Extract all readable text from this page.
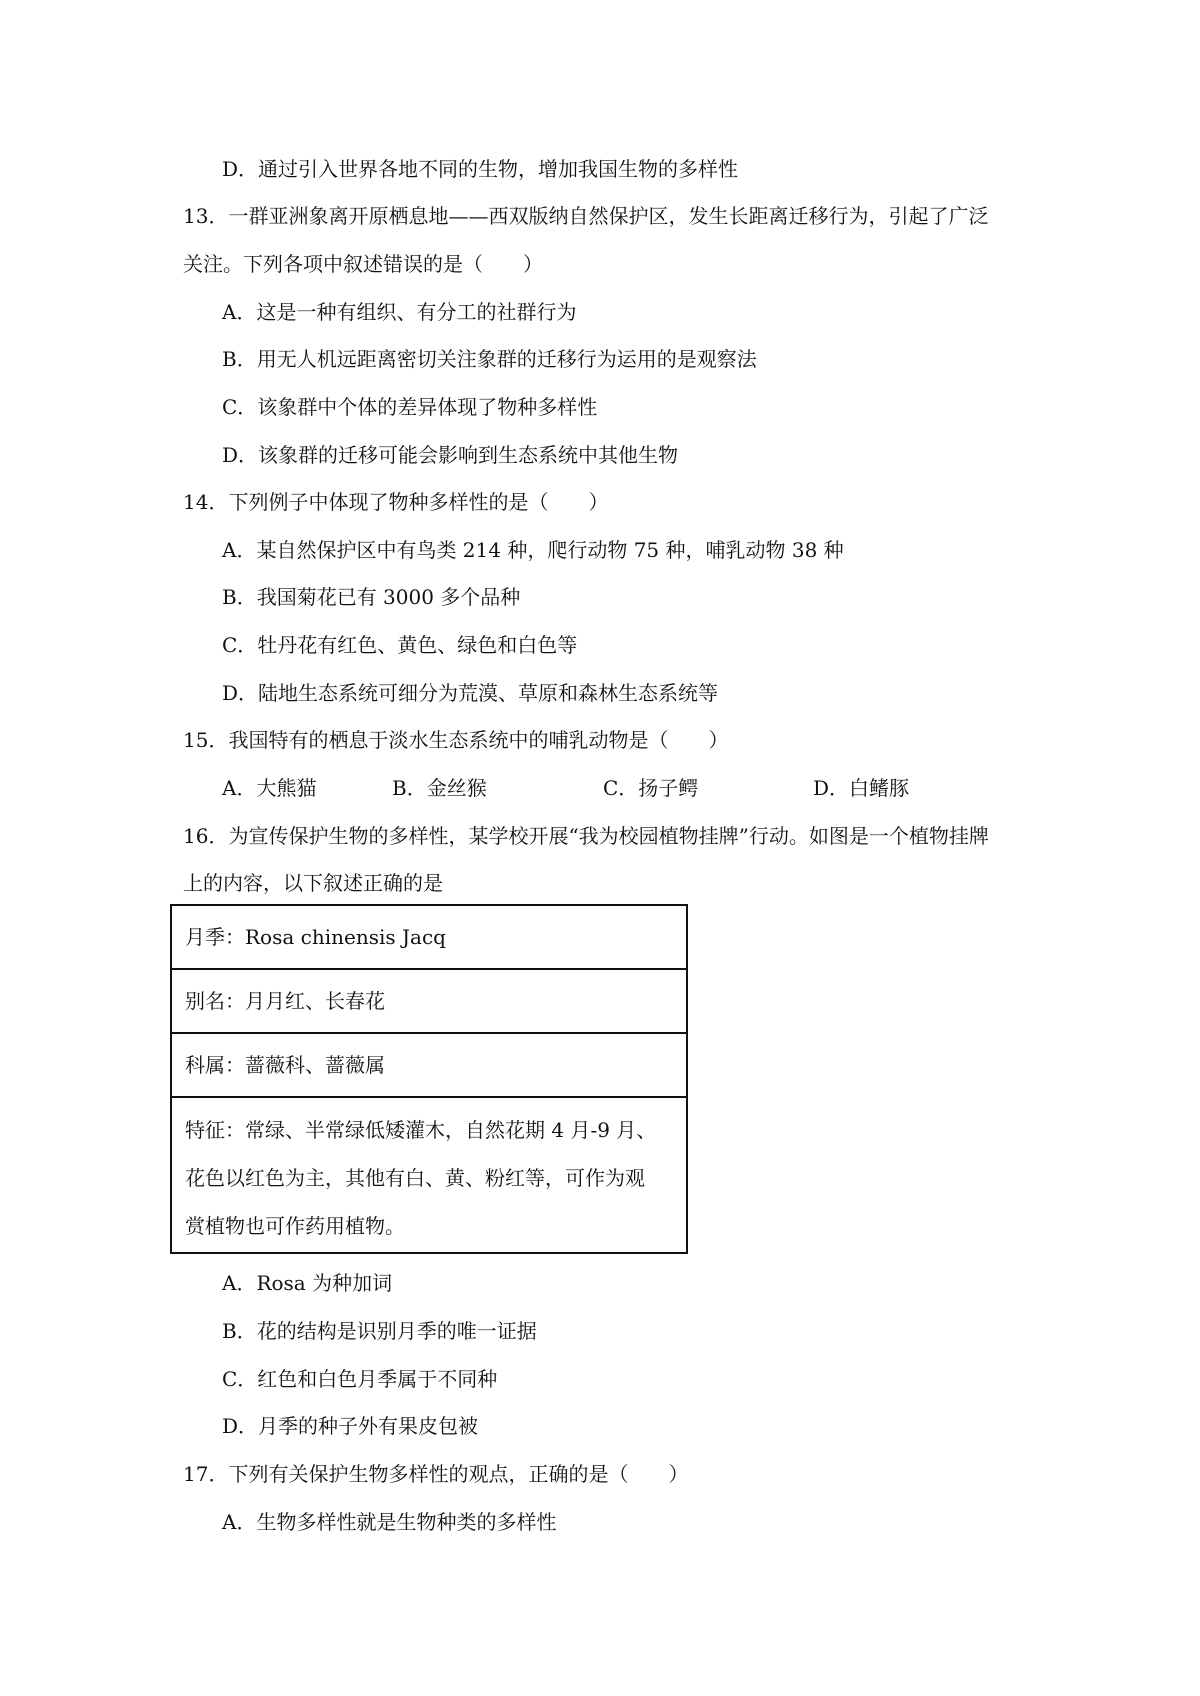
D．通过引入世界各地不同的生物，增加我国生物的多样性
13．一群亚洲象离开原栖息地——西双版纳自然保护区，发生长距离迁移行为，引起了广泛
关注。下列各项中叙述错误的是（　　）
A．这是一种有组织、有分工的社群行为
B．用无人机远距离密切关注象群的迁移行为运用的是观察法
C．该象群中个体的差异体现了物种多样性
D．该象群的迁移可能会影响到生态系统中其他生物
14．下列例子中体现了物种多样性的是（　　）
A．某自然保护区中有鸟类 214 种，爬行动物 75 种，哺乳动物 38 种
B．我国菊花已有 3000 多个品种
C．牡丹花有红色、黄色、绿色和白色等
D．陆地生态系统可细分为荒漠、草原和森林生态系统等
15．我国特有的栖息于淡水生态系统中的哺乳动物是（　　）
A．大熊猫	B．金丝猴	C．扬子鳄	D．白鳍豚
16．为宣传保护生物的多样性，某学校开展“我为校园植物挂牌”行动。如图是一个植物挂牌
上的内容，以下叙述正确的是
月季：Rosa chinensis Jacq
别名：月月红、长春花
科属：蔷薇科、蔷薇属
特征：常绿、半常绿低矮灌木，自然花期 4 月-9 月、
花色以红色为主，其他有白、黄、粉红等，可作为观
赏植物也可作药用植物。
A．Rosa 为种加词
B．花的结构是识别月季的唯一证据
C．红色和白色月季属于不同种
D．月季的种子外有果皮包被
17．下列有关保护生物多样性的观点，正确的是（　　）
A．生物多样性就是生物种类的多样性
